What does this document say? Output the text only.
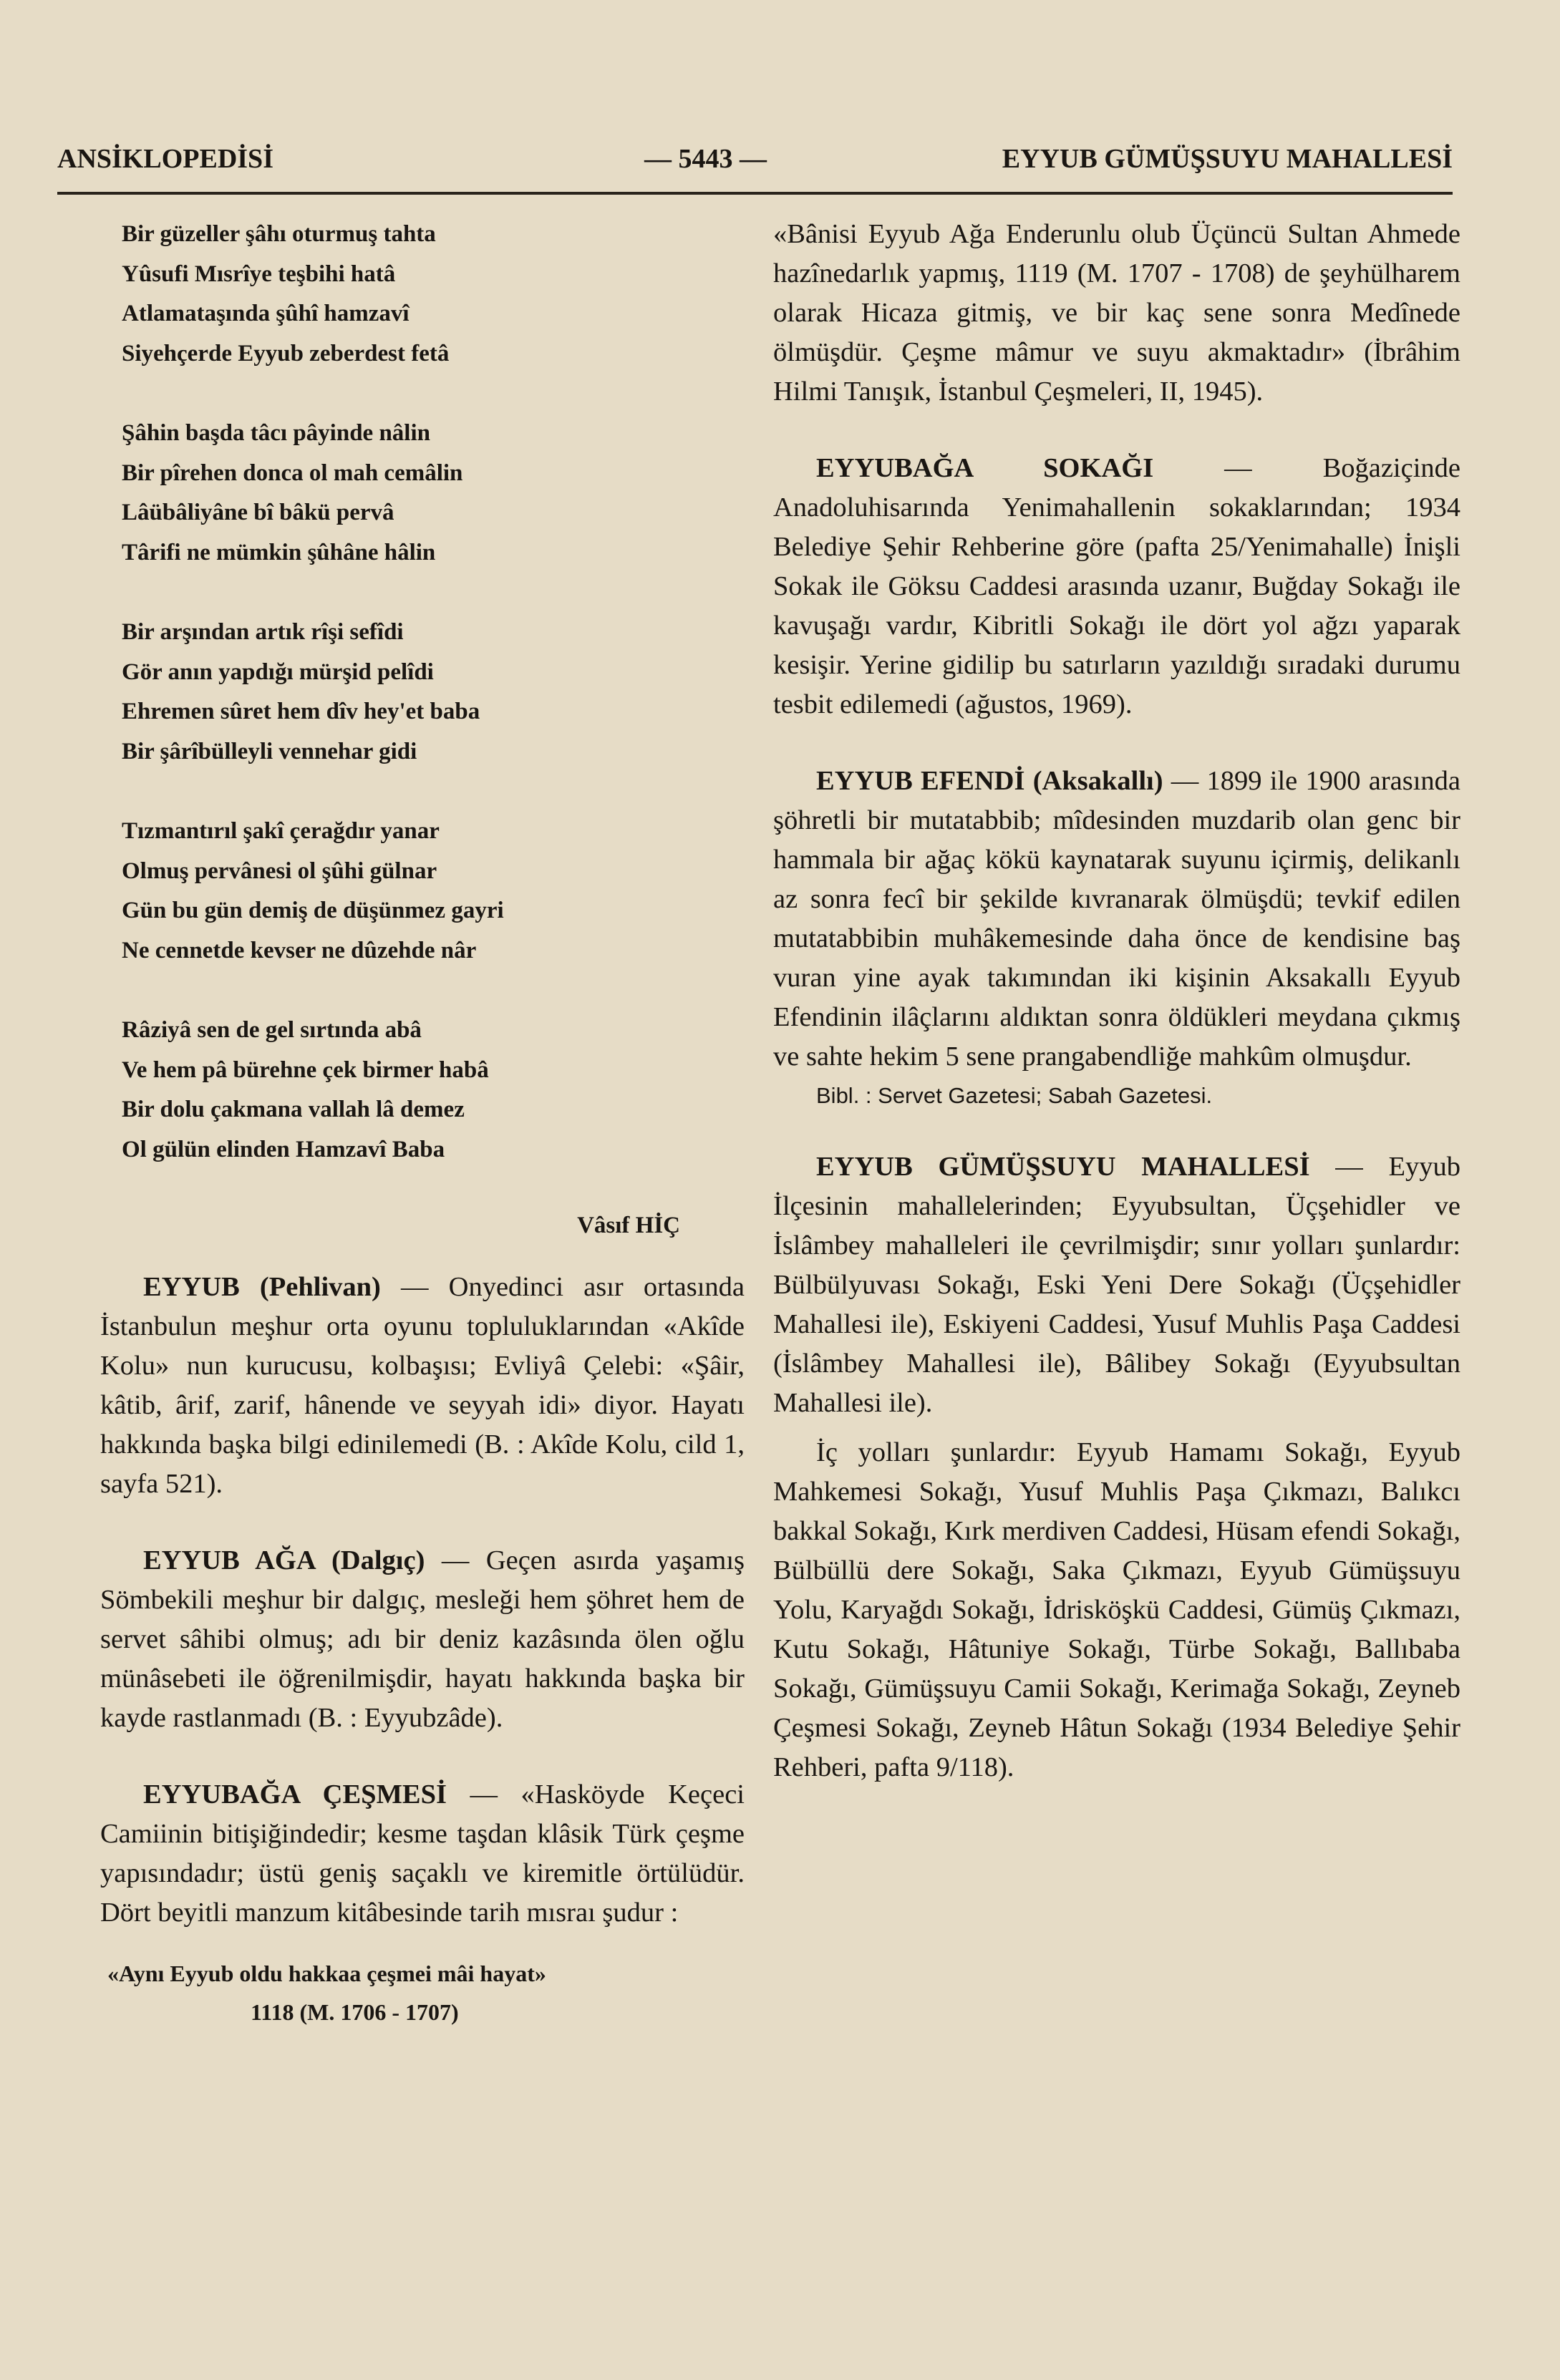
ANSİKLOPEDİSİ	— 5443 —	EYYUB GÜMÜŞSUYU MAHALLESİ
Bir güzeller şâhı oturmuş tahta
Yûsufi Mısrîye teşbihi hatâ
Atlamataşında şûhî hamzavî
Siyehçerde Eyyub zeberdest fetâ
Şâhin başda tâcı pâyinde nâlin
Bir pîrehen donca ol mah cemâlin
Lâübâliyâne bî bâkü pervâ
Târifi ne mümkin şûhâne hâlin
Bir arşından artık rîşi sefîdi
Gör anın yapdığı mürşid pelîdi
Ehremen sûret hem dîv hey'et baba
Bir şârîbülleyli vennehar gidi
Tızmantırıl şakî çerağdır yanar
Olmuş pervânesi ol şûhi gülnar
Gün bu gün demiş de düşünmez gayri
Ne cennetde kevser ne dûzehde nâr
Râziyâ sen de gel sırtında abâ
Ve hem pâ bürehne çek birmer habâ
Bir dolu çakmana vallah lâ demez
Ol gülün elinden Hamzavî Baba
Vâsıf HİÇ

EYYUB (Pehlivan) — Onyedinci asır ortasında İstanbulun meşhur orta oyunu topluluklarından «Akîde Kolu» nun kurucusu, kolbaşısı; Evliyâ Çelebi: «Şâir, kâtib, ârif, zarif, hânende ve seyyah idi» diyor. Hayatı hakkında başka bilgi edinilemedi (B. : Akîde Kolu, cild 1, sayfa 521).

EYYUB AĞA (Dalgıç) — Geçen asırda yaşamış Sömbekili meşhur bir dalgıç, mesleği hem şöhret hem de servet sâhibi olmuş; adı bir deniz kazâsında ölen oğlu münâsebeti ile öğrenilmişdir, hayatı hakkında başka bir kayde rastlanmadı (B. : Eyyubzâde).

EYYUBAĞA ÇEŞMESİ — «Hasköyde Keçeci Camiinin bitişiğindedir; kesme taşdan klâsik Türk çeşme yapısındadır; üstü geniş saçaklı ve kiremitle örtülüdür. Dört beyitli manzum kitâbesinde tarih mısraı şudur :

«Aynı Eyyub oldu hakkaa çeşmei mâi hayat»
1118 (M. 1706 - 1707)

«Bânisi Eyyub Ağa Enderunlu olub Üçüncü Sultan Ahmede hazînedarlık yapmış, 1119 (M. 1707 - 1708) de şeyhülharem olarak Hicaza gitmiş, ve bir kaç sene sonra Medînede ölmüşdür. Çeşme mâmur ve suyu akmaktadır» (İbrâhim Hilmi Tanışık, İstanbul Çeşmeleri, II, 1945).

EYYUBAĞA SOKAĞI — Boğaziçinde Anadoluhisarında Yenimahallenin sokaklarından; 1934 Belediye Şehir Rehberine göre (pafta 25/Yenimahalle) İnişli Sokak ile Göksu Caddesi arasında uzanır, Buğday Sokağı ile kavuşağı vardır, Kibritli Sokağı ile dört yol ağzı yaparak kesişir. Yerine gidilip bu satırların yazıldığı sıradaki durumu tesbit edilemedi (ağustos, 1969).

EYYUB EFENDİ (Aksakallı) — 1899 ile 1900 arasında şöhretli bir mutatabbib; mîdesinden muzdarib olan genc bir hammala bir ağaç kökü kaynatarak suyunu içirmiş, delikanlı az sonra fecî bir şekilde kıvranarak ölmüşdü; tevkif edilen mutatabbibin muhâkemesinde daha önce de kendisine baş vuran yine ayak takımından iki kişinin Aksakallı Eyyub Efendinin ilâçlarını aldıktan sonra öldükleri meydana çıkmış ve sahte hekim 5 sene prangabendliğe mahkûm olmuşdur.

Bibl. : Servet Gazetesi; Sabah Gazetesi.

EYYUB GÜMÜŞSUYU MAHALLESİ — Eyyub İlçesinin mahallelerinden; Eyyubsultan, Üçşehidler ve İslâmbey mahalleleri ile çevrilmişdir; sınır yolları şunlardır: Bülbülyuvası Sokağı, Eski Yeni Dere Sokağı (Üçşehidler Mahallesi ile), Eskiyeni Caddesi, Yusuf Muhlis Paşa Caddesi (İslâmbey Mahallesi ile), Bâlibey Sokağı (Eyyubsultan Mahallesi ile).

İç yolları şunlardır: Eyyub Hamamı Sokağı, Eyyub Mahkemesi Sokağı, Yusuf Muhlis Paşa Çıkmazı, Balıkcı bakkal Sokağı, Kırk merdiven Caddesi, Hüsam efendi Sokağı, Bülbüllü dere Sokağı, Saka Çıkmazı, Eyyub Gümüşsuyu Yolu, Karyağdı Sokağı, İdrisköşkü Caddesi, Gümüş Çıkmazı, Kutu Sokağı, Hâtuniye Sokağı, Türbe Sokağı, Ballıbaba Sokağı, Gümüşsuyu Camii Sokağı, Kerimağa Sokağı, Zeyneb Çeşmesi Sokağı, Zeyneb Hâtun Sokağı (1934 Belediye Şehir Rehberi, pafta 9/118).
